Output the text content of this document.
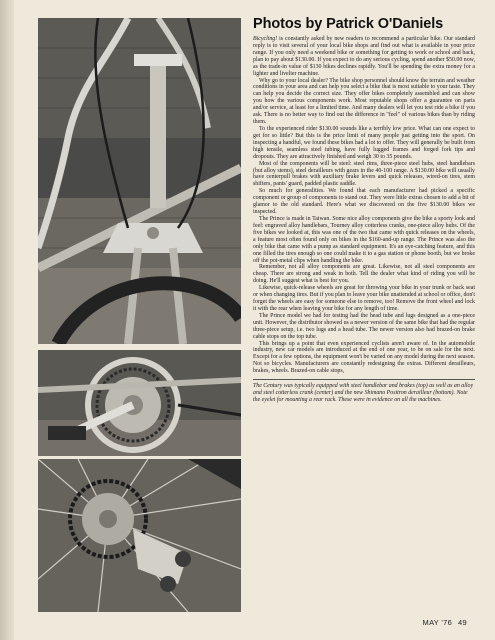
Photos by Patrick O'Daniels

Bicycling! is constantly asked by new readers to recommend a particular bike. Our standard reply is to visit several of your local bike shops and find out what is available in your price range. If you only need a weekend bike or something for getting to work or school and back, plan to pay about $130.00. If you expect to do any serious cycling, spend another $50.00 now, as the trade-in value of $130 bikes declines rapidly. You'll be spending the extra money for a lighter and livelier machine.

Why go to your local dealer? The bike shop personnel should know the terrain and weather conditions in your area and can help you select a bike that is most suitable to your taste. They can help you decide the correct size. They offer bikes completely assembled and can show you how the various components work. Most reputable shops offer a guarantee on parts and/or service, at least for a limited time. And many dealers will let you test ride a bike if you ask. There is no better way to find out the difference in "feel" of various bikes than by riding them.

To the experienced rider $130.00 sounds like a terribly low price. What can one expect to get for so little? But this is the price limit of many people just getting into the sport. On inspecting a handful, we found these bikes had a lot to offer. They will generally be built from high tensile, seamless steel tubing, have fully lugged frames and forged fork tips and dropouts. They are attractively finished and weigh 30 to 35 pounds.

Most of the components will be steel: steel rims, three-piece steel hubs, steel handlebars (but alloy stems), steel derailleurs with gears in the 40-100 range. A $130.00 bike will usually have centerpull brakes with auxiliary brake levers and quick releases, wired-on tires, stem shifters, pants' guard, padded plastic saddle.

So much for generalities. We found that each manufacturer had picked a specific component or group of components to stand out. They were little extras chosen to add a bit of glamor to the old standard. Here's what we discovered on the five $130.00 bikes we inspected.

The Prince is made in Taiwan. Some nice alloy components give the bike a sporty look and feel: engraved alloy handlebars, Tourney alloy cotterless cranks, one-piece alloy hubs. Of the five bikes we looked at, this was one of the two that came with quick releases on the wheels, a feature most often found only on bikes in the $160-and-up range. The Prince was also the only bike that came with a pump as standard equipment. It's an eye-catching feature, and this one filled the tires enough so one could make it to a gas station or phone booth, but we broke off the pot-metal clips when handling the bike.

Remember, not all alloy components are great. Likewise, not all steel components are cheap. There are strong and weak in both. Tell the dealer what kind of riding you will be doing. He'll suggest what is best for you.

Likewise, quick-release wheels are great for throwing your bike in your trunk or back seat or when changing tires. But if you plan to leave your bike unattended at school or office, don't forget the wheels are easy for someone else to remove, too! Remove the front wheel and lock it with the rear when leaving your bike for any length of time.

The Prince model we had for testing had the head tube and lugs designed as a one-piece unit. However, the distributor showed us a newer version of the same bike that had the regular three-piece setup, i.e. two lugs and a head tube. The newer version also had brazed-on brake cable stops on the top tube.

This brings up a point that even experienced cyclists aren't aware of. In the automobile industry, new car models are introduced at the end of one year, to be on sale for the next. Except for a few options, the equipment won't be varied on any model during the next season. Not so bicycles. Manufacturers are constantly redesigning the extras. Different derailleurs, brakes, wheels. Brazed-on cable stops,

The Century was typically equipped with steel handlebar and brakes (top) as well as an alloy and steel cotterless crank (center) and the new Shimano Positron derailleur (bottom). Note the eyelet for mounting a rear rack. These were in evidence on all the machines.

MAY '76 49
